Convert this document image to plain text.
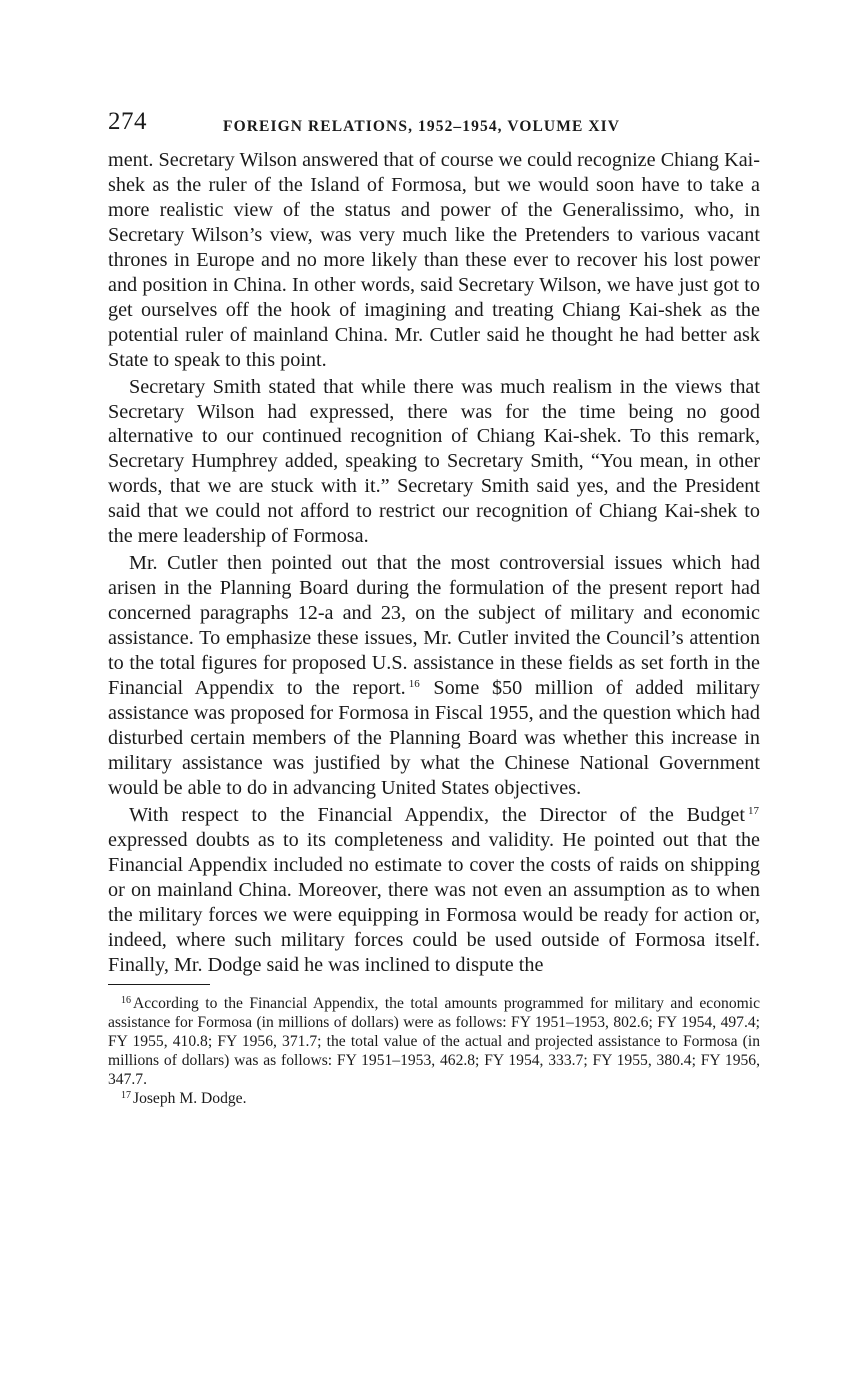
274	FOREIGN RELATIONS, 1952–1954, VOLUME XIV

ment. Secretary Wilson answered that of course we could recognize Chiang Kai-shek as the ruler of the Island of Formosa, but we would soon have to take a more realistic view of the status and power of the Generalissimo, who, in Secretary Wilson’s view, was very much like the Pretenders to various vacant thrones in Europe and no more likely than these ever to recover his lost power and position in China. In other words, said Secretary Wilson, we have just got to get ourselves off the hook of imagining and treating Chiang Kai-shek as the potential ruler of mainland China. Mr. Cutler said he thought he had better ask State to speak to this point.

Secretary Smith stated that while there was much realism in the views that Secretary Wilson had expressed, there was for the time being no good alternative to our continued recognition of Chiang Kai-shek. To this remark, Secretary Humphrey added, speaking to Secretary Smith, “You mean, in other words, that we are stuck with it.” Secretary Smith said yes, and the President said that we could not afford to restrict our recognition of Chiang Kai-shek to the mere leadership of Formosa.

Mr. Cutler then pointed out that the most controversial issues which had arisen in the Planning Board during the formulation of the present report had concerned paragraphs 12-a and 23, on the subject of military and economic assistance. To emphasize these issues, Mr. Cutler invited the Council’s attention to the total figures for proposed U.S. assistance in these fields as set forth in the Financial Appendix to the report. $^{16}$ Some $50 million of added military assistance was proposed for Formosa in Fiscal 1955, and the question which had disturbed certain members of the Planning Board was whether this increase in military assistance was justified by what the Chinese National Government would be able to do in advancing United States objectives.

With respect to the Financial Appendix, the Director of the Budget $^{17}$ expressed doubts as to its completeness and validity. He pointed out that the Financial Appendix included no estimate to cover the costs of raids on shipping or on mainland China. Moreover, there was not even an assumption as to when the military forces we were equipping in Formosa would be ready for action or, indeed, where such military forces could be used outside of Formosa itself. Finally, Mr. Dodge said he was inclined to dispute the

$^{16}$ According to the Financial Appendix, the total amounts programmed for military and economic assistance for Formosa (in millions of dollars) were as follows: FY 1951–1953, 802.6; FY 1954, 497.4; FY 1955, 410.8; FY 1956, 371.7; the total value of the actual and projected assistance to Formosa (in millions of dollars) was as follows: FY 1951–1953, 462.8; FY 1954, 333.7; FY 1955, 380.4; FY 1956, 347.7.

$^{17}$ Joseph M. Dodge.
